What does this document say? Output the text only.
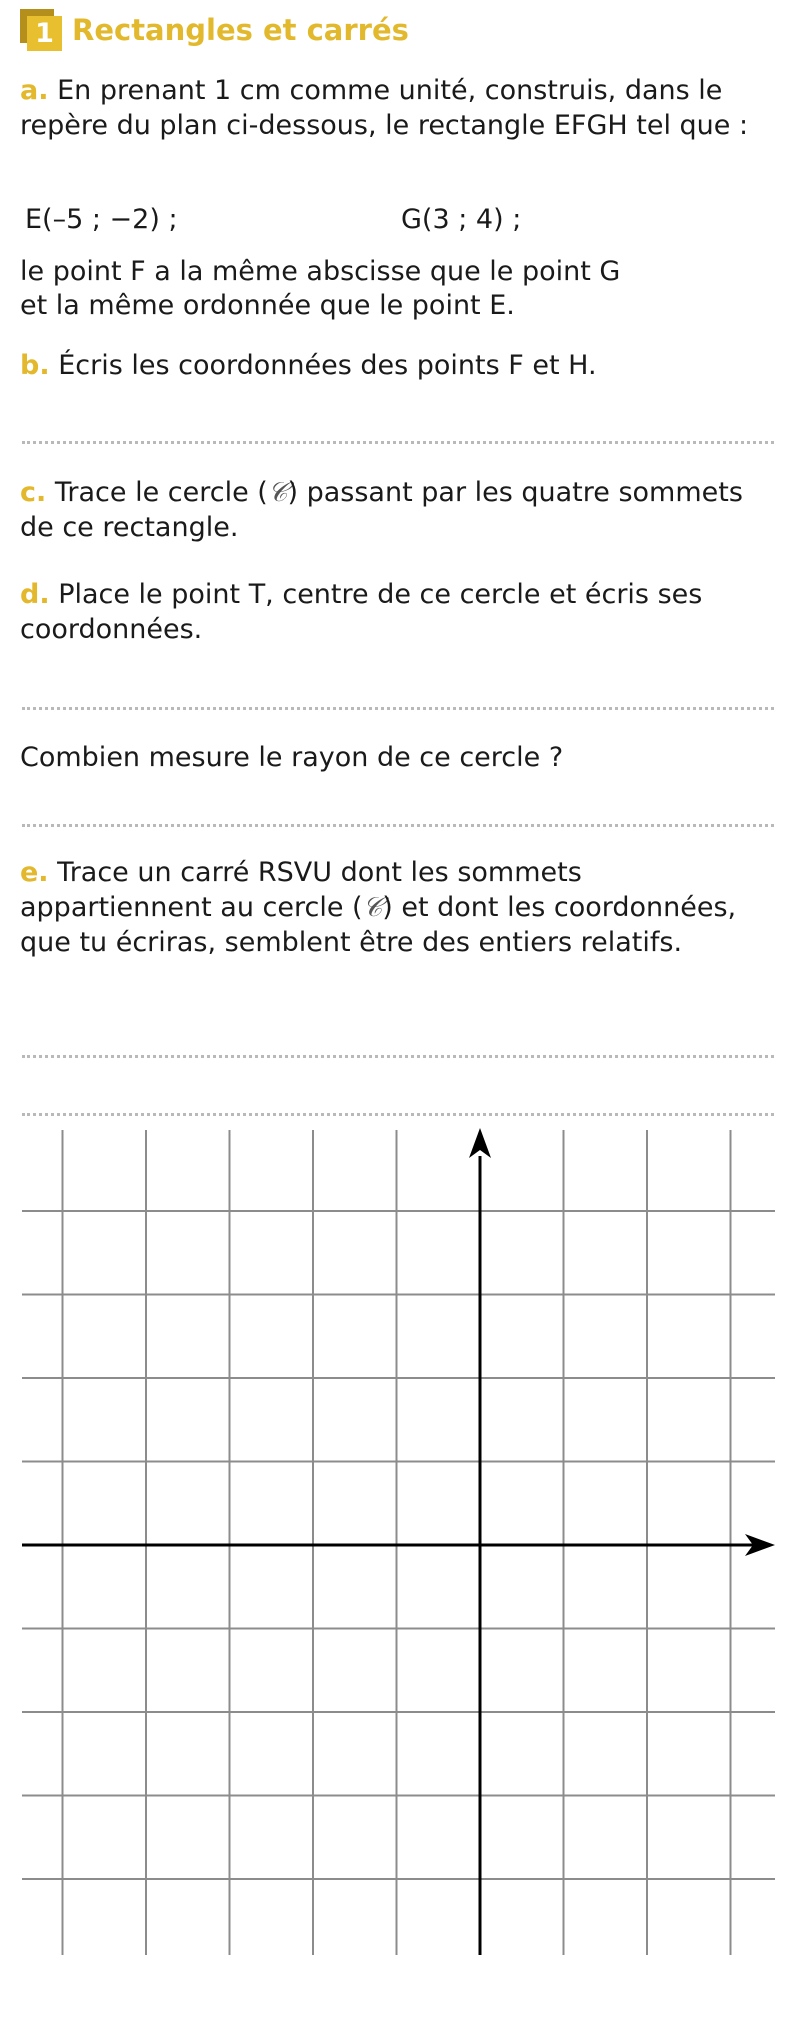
1 Rectangles et carrés

a. En prenant 1 cm comme unité, construis, dans le repère du plan ci-dessous, le rectangle EFGH tel que :

E(–5 ; −2) ;	G(3 ; 4) ;
le point F a la même abscisse que le point G
et la même ordonnée que le point E.

b. Écris les coordonnées des points F et H.

c. Trace le cercle (𝒞) passant par les quatre sommets de ce rectangle.

d. Place le point T, centre de ce cercle et écris ses coordonnées.

Combien mesure le rayon de ce cercle ?

e. Trace un carré RSVU dont les sommets appartiennent au cercle (𝒞) et dont les coordonnées, que tu écriras, semblent être des entiers relatifs.
